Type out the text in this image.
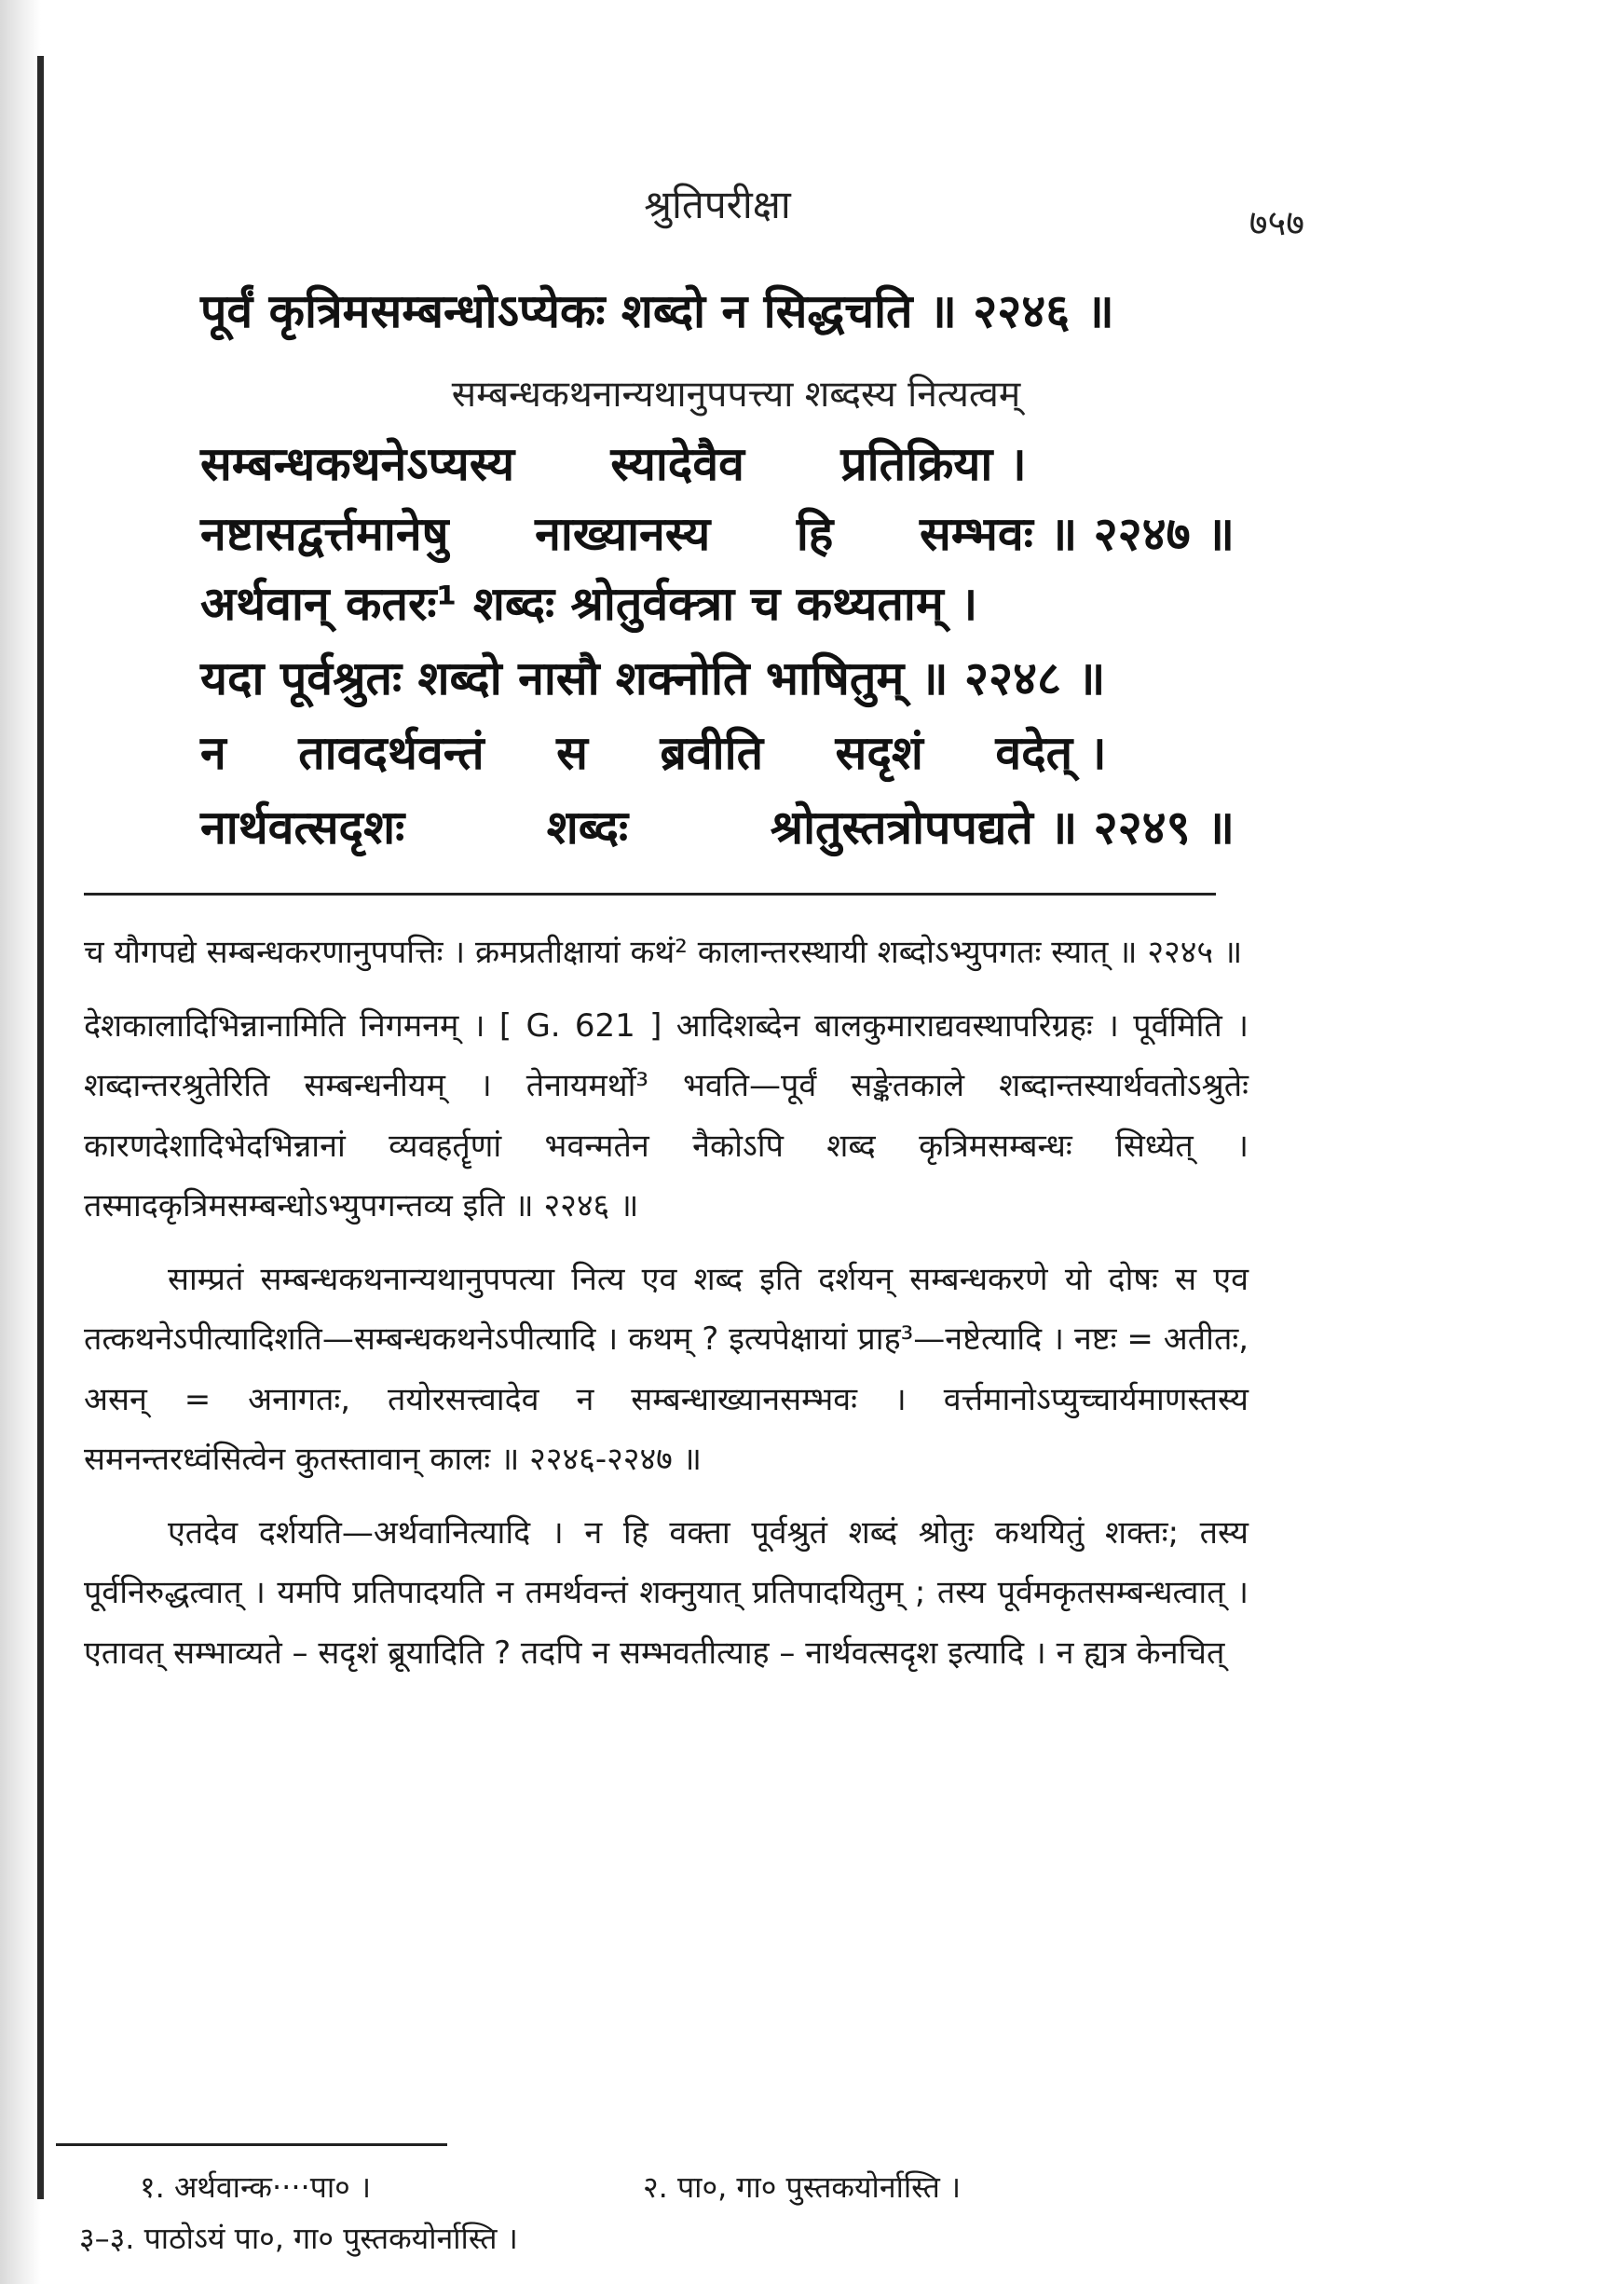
श्रुतिपरीक्षा	७५७
पूर्वं कृत्रिमसम्बन्धोऽप्येकः शब्दो न सिद्धचति ॥ २२४६ ॥
सम्बन्धकथनान्यथानुपपत्त्या शब्दस्य नित्यत्वम्
सम्बन्धकथनेऽप्यस्य स्यादेवैव प्रतिक्रिया ।
नष्टासद्वर्त्तमानेषु नाख्यानस्य हि सम्भवः ॥ २२४७ ॥
अर्थवान् कतरः¹ शब्दः श्रोतुर्वक्त्रा च कथ्यताम् ।
यदा पूर्वश्रुतः शब्दो नासौ शक्नोति भाषितुम् ॥ २२४८ ॥
न तावदर्थवन्तं स ब्रवीति सदृशं वदेत् ।
नार्थवत्सदृशः	शब्दः	श्रोतुस्तत्रोपपद्यते ॥ २२४९ ॥

च यौगपद्ये सम्बन्धकरणानुपपत्तिः । क्रमप्रतीक्षायां कथं² कालान्तरस्थायी शब्दोऽभ्युपगतः स्यात् ॥ २२४५ ॥

देशकालादिभिन्नानामिति निगमनम् । [ G. 621 ] आदिशब्देन बालकुमाराद्यवस्थापरिग्रहः । पूर्वमिति । शब्दान्तरश्रुतेरिति सम्बन्धनीयम् । तेनायमर्थो³ भवति—पूर्वं सङ्केतकाले शब्दान्तस्यार्थवतोऽश्रुतेः कारणदेशादिभेदभिन्नानां व्यवहर्तॄणां भवन्मतेन नैकोऽपि शब्द कृत्रिमसम्बन्धः सिध्येत् । तस्मादकृत्रिमसम्बन्धोऽभ्युपगन्तव्य इति ॥ २२४६ ॥

साम्प्रतं सम्बन्धकथनान्यथानुपपत्या नित्य एव शब्द इति दर्शयन् सम्बन्धकरणे यो दोषः स एव तत्कथनेऽपीत्यादिशति—सम्बन्धकथनेऽपीत्यादि । कथम् ? इत्यपेक्षायां प्राह³—नष्टेत्यादि । नष्टः = अतीतः, असन् = अनागतः, तयोरसत्त्वादेव न सम्बन्धाख्यानसम्भवः । वर्त्तमानोऽप्युच्चार्यमाणस्तस्य समनन्तरध्वंसित्वेन कुतस्तावान् कालः ॥ २२४६-२२४७ ॥

एतदेव दर्शयति—अर्थवानित्यादि । न हि वक्ता पूर्वश्रुतं शब्दं श्रोतुः कथयितुं शक्तः; तस्य पूर्वनिरुद्धत्वात् । यमपि प्रतिपादयति न तमर्थवन्तं शक्नुयात् प्रतिपादयितुम् ; तस्य पूर्वमकृतसम्बन्धत्वात् । एतावत् सम्भाव्यते – सदृशं ब्रूयादिति ? तदपि न सम्भवतीत्याह – नार्थवत्सदृश इत्यादि । न ह्यत्र केनचित्

१. अर्थवान्क····पा० ।	२. पा०, गा० पुस्तकयोर्नास्ति ।
३–३. पाठोऽयं पा०, गा० पुस्तकयोर्नास्ति ।
